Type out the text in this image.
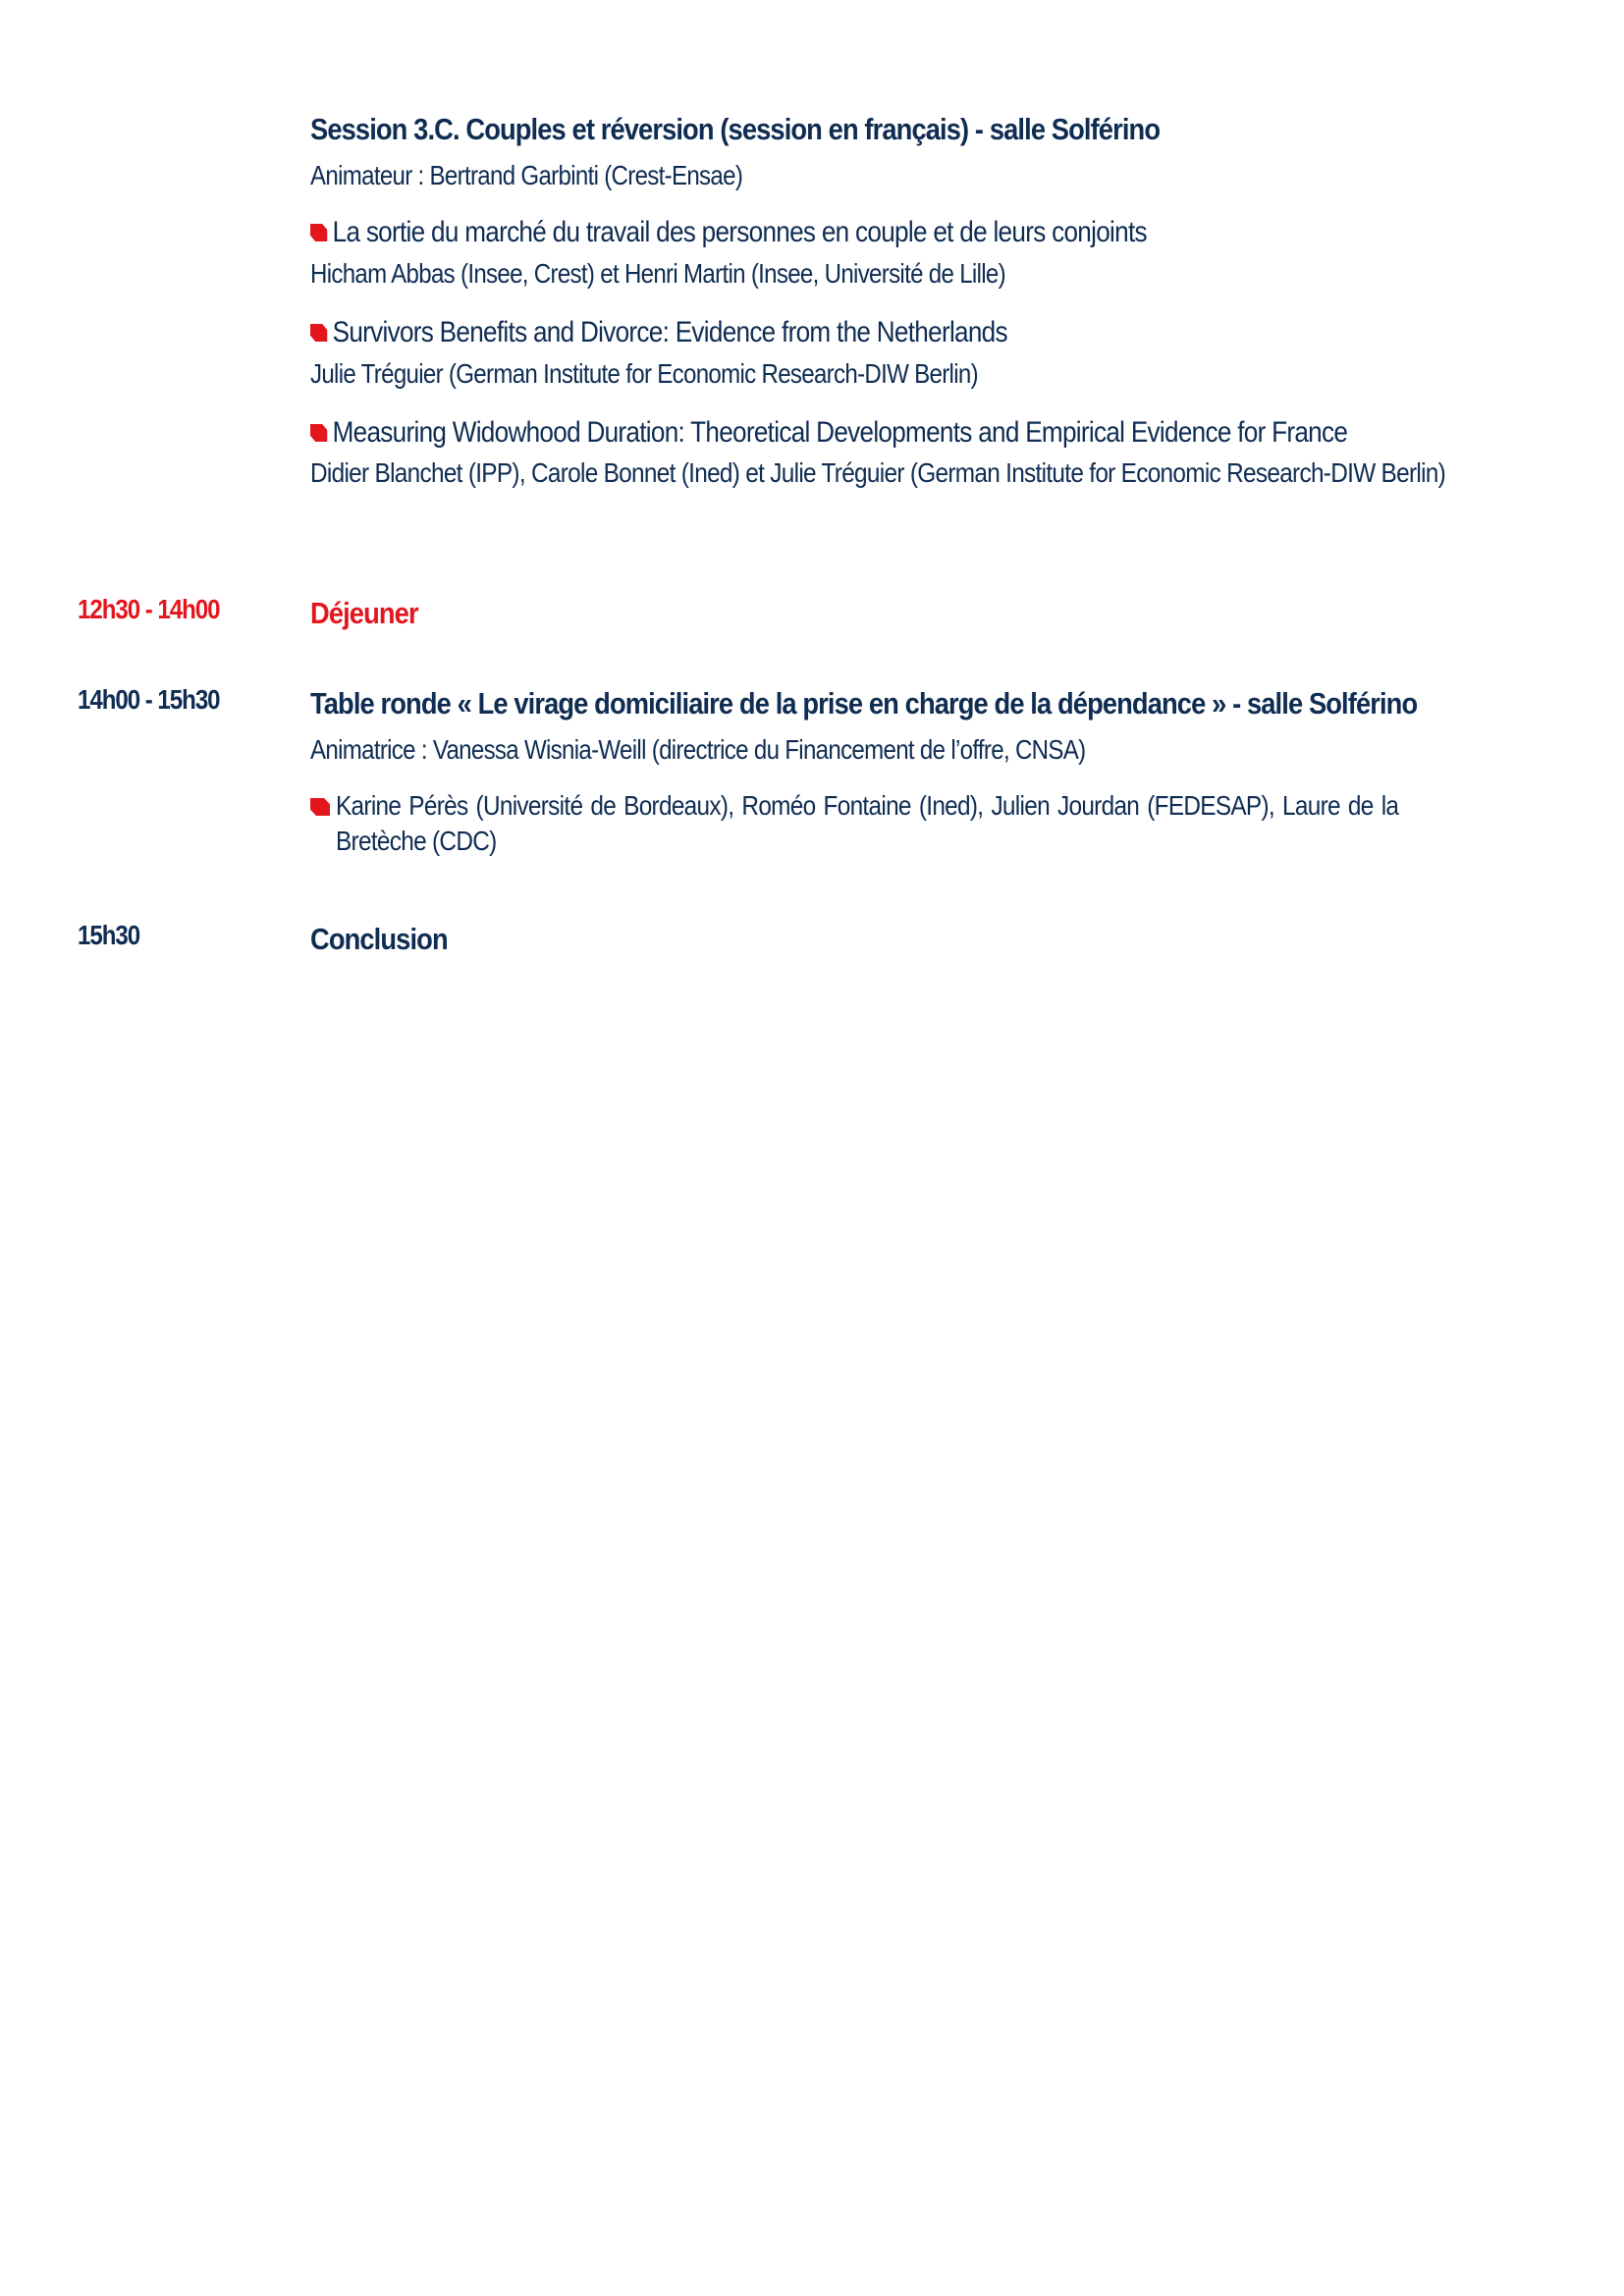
Session 3.C. Couples et réversion (session en français) - salle Solférino
Animateur : Bertrand Garbinti (Crest-Ensae)
La sortie du marché du travail des personnes en couple et de leurs conjoints
Hicham Abbas (Insee, Crest) et Henri Martin (Insee, Université de Lille)
Survivors Benefits and Divorce: Evidence from the Netherlands
Julie Tréguier (German Institute for Economic Research-DIW Berlin)
Measuring Widowhood Duration: Theoretical Developments and Empirical Evidence for France
Didier Blanchet (IPP), Carole Bonnet (Ined) et Julie Tréguier (German Institute for Economic Research-DIW Berlin)
12h30 - 14h00	Déjeuner
14h00 - 15h30	Table ronde « Le virage domiciliaire de la prise en charge de la dépendance » - salle Solférino
Animatrice : Vanessa Wisnia-Weill (directrice du Financement de l’offre, CNSA)
Karine Pérès (Université de Bordeaux), Roméo Fontaine (Ined), Julien Jourdan (FEDESAP), Laure de la Bretèche (CDC)
15h30	Conclusion
